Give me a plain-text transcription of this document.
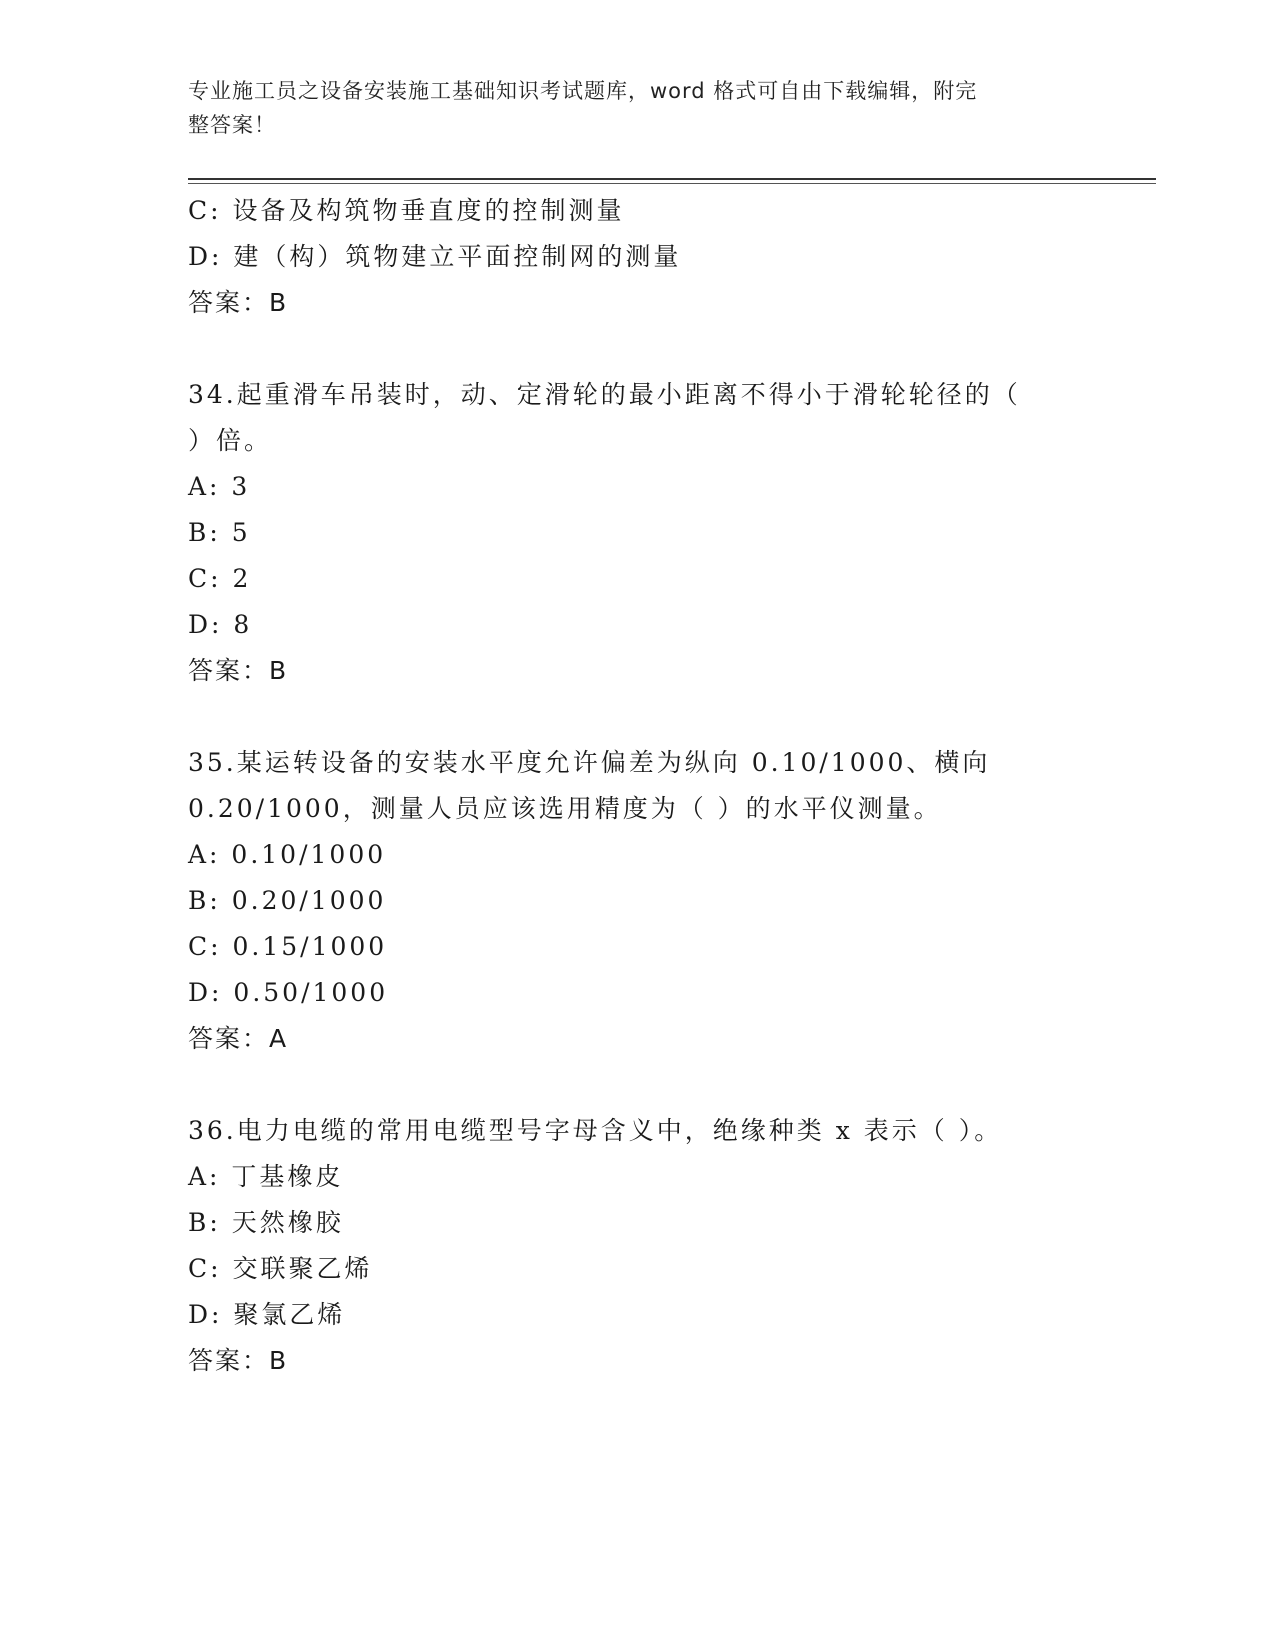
专业施工员之设备安装施工基础知识考试题库，word 格式可自由下载编辑，附完
整答案！
C: 设备及构筑物垂直度的控制测量
D: 建（构）筑物建立平面控制网的测量
答案：B
34.起重滑车吊装时，动、定滑轮的最小距离不得小于滑轮轮径的（
）倍。
A: 3
B: 5
C: 2
D: 8
答案：B
35.某运转设备的安装水平度允许偏差为纵向 0.10/1000、横向
0.20/1000，测量人员应该选用精度为（ ）的水平仪测量。
A: 0.10/1000
B: 0.20/1000
C: 0.15/1000
D: 0.50/1000
答案：A
36.电力电缆的常用电缆型号字母含义中，绝缘种类 x 表示（ ）。
A: 丁基橡皮
B: 天然橡胶
C: 交联聚乙烯
D: 聚氯乙烯
答案：B
